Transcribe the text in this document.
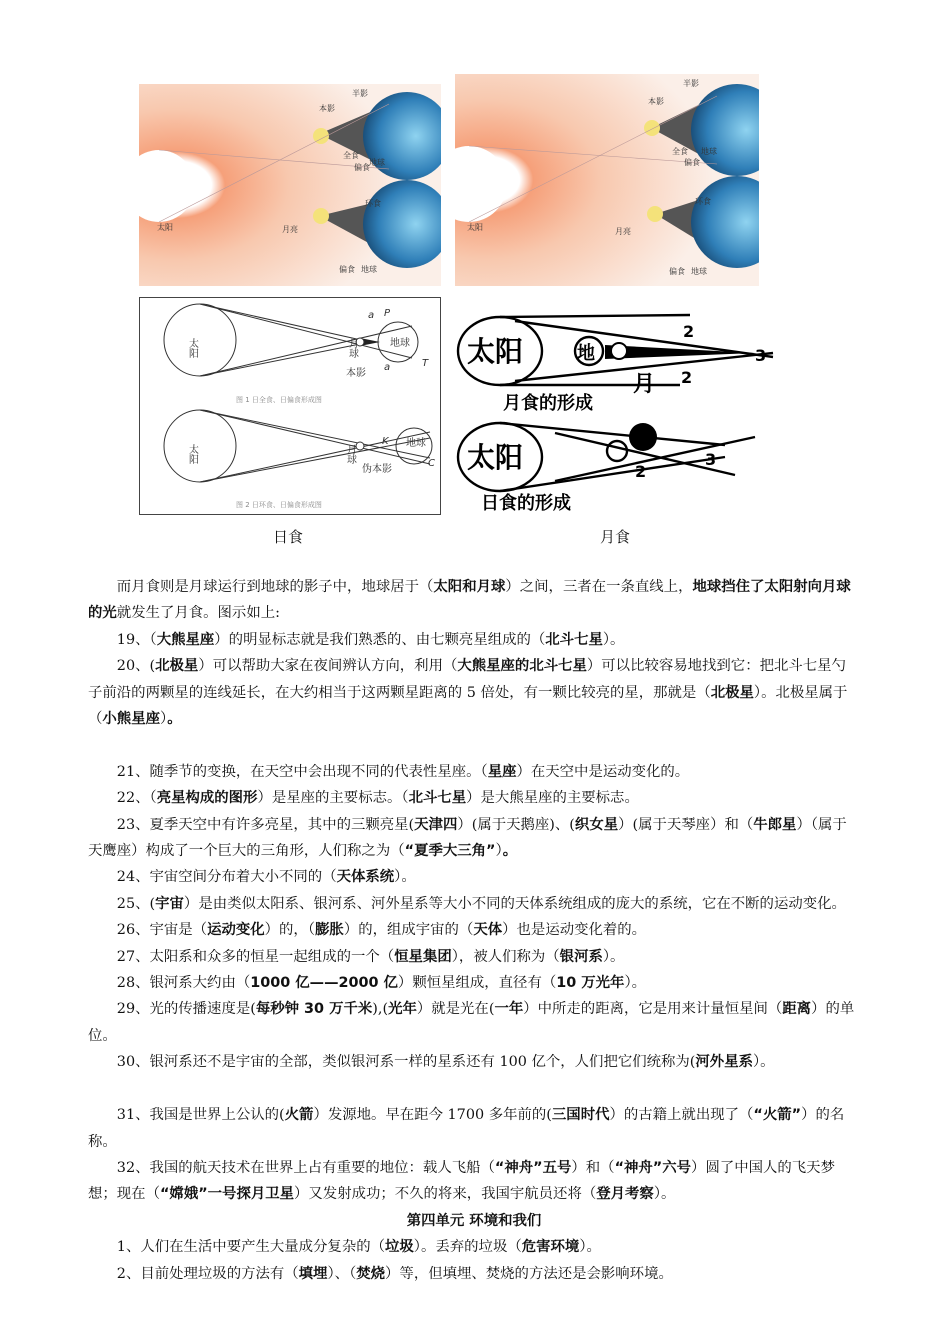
半影
本影
全食
地球
偏食
太阳	月亮
环食
偏食 地球
半影
本影
全食 地球
偏食
太阳	月亮
环食
偏食 地球
太阳	月球	地球
本影
太阳	月球
地球
伪本影
a P
a	T
K
C
图 1 日全食、日偏食形成图
图 2 日环食、日偏食形成图
太阳	地
月
2
2
3
月食的形成
太阳	2
3
日食的形成
日食	月食

而月食则是月球运行到地球的影子中，地球居于（太阳和月球）之间，三者在一条直线上，地球挡住了太阳射向月球的光就发生了月食。图示如上:

19、（大熊星座）的明显标志就是我们熟悉的、由七颗亮星组成的（北斗七星）。

20、(北极星）可以帮助大家在夜间辨认方向，利用（大熊星座的北斗七星）可以比较容易地找到它：把北斗七星勺子前沿的两颗星的连线延长，在大约相当于这两颗星距离的 5 倍处，有一颗比较亮的星，那就是（北极星）。北极星属于（小熊星座）。

21、随季节的变换，在天空中会出现不同的代表性星座。（星座）在天空中是运动变化的。

22、（亮星构成的图形）是星座的主要标志。（北斗七星）是大熊星座的主要标志。

23、夏季天空中有许多亮星，其中的三颗亮星(天津四）(属于天鹅座)、(织女星）(属于天琴座）和（牛郎星）（属于天鹰座）构成了一个巨大的三角形，人们称之为（“夏季大三角”）。

24、宇宙空间分布着大小不同的（天体系统）。

25、(宇宙）是由类似太阳系、银河系、河外星系等大小不同的天体系统组成的庞大的系统，它在不断的运动变化。

26、宇宙是（运动变化）的，（膨胀）的，组成宇宙的（天体）也是运动变化着的。

27、太阳系和众多的恒星一起组成的一个（恒星集团），被人们称为（银河系）。

28、银河系大约由（1000 亿——2000 亿）颗恒星组成，直径有（10 万光年）。

29、光的传播速度是(每秒钟 30 万千米),(光年）就是光在(一年）中所走的距离，它是用来计量恒星间（距离）的单位。

30、银河系还不是宇宙的全部，类似银河系一样的星系还有 100 亿个，人们把它们统称为(河外星系）。

31、我国是世界上公认的(火箭）发源地。早在距今 1700 多年前的(三国时代）的古籍上就出现了（“火箭”）的名称。

32、我国的航天技术在世界上占有重要的地位：载人飞船（“神舟”五号）和（“神舟”六号）圆了中国人的飞天梦想；现在（“嫦娥”一号探月卫星）又发射成功；不久的将来，我国宇航员还将（登月考察）。

第四单元 环境和我们

1、人们在生活中要产生大量成分复杂的（垃圾）。丢弃的垃圾（危害环境）。

2、目前处理垃圾的方法有（填埋）、（焚烧）等，但填埋、焚烧的方法还是会影响环境。
